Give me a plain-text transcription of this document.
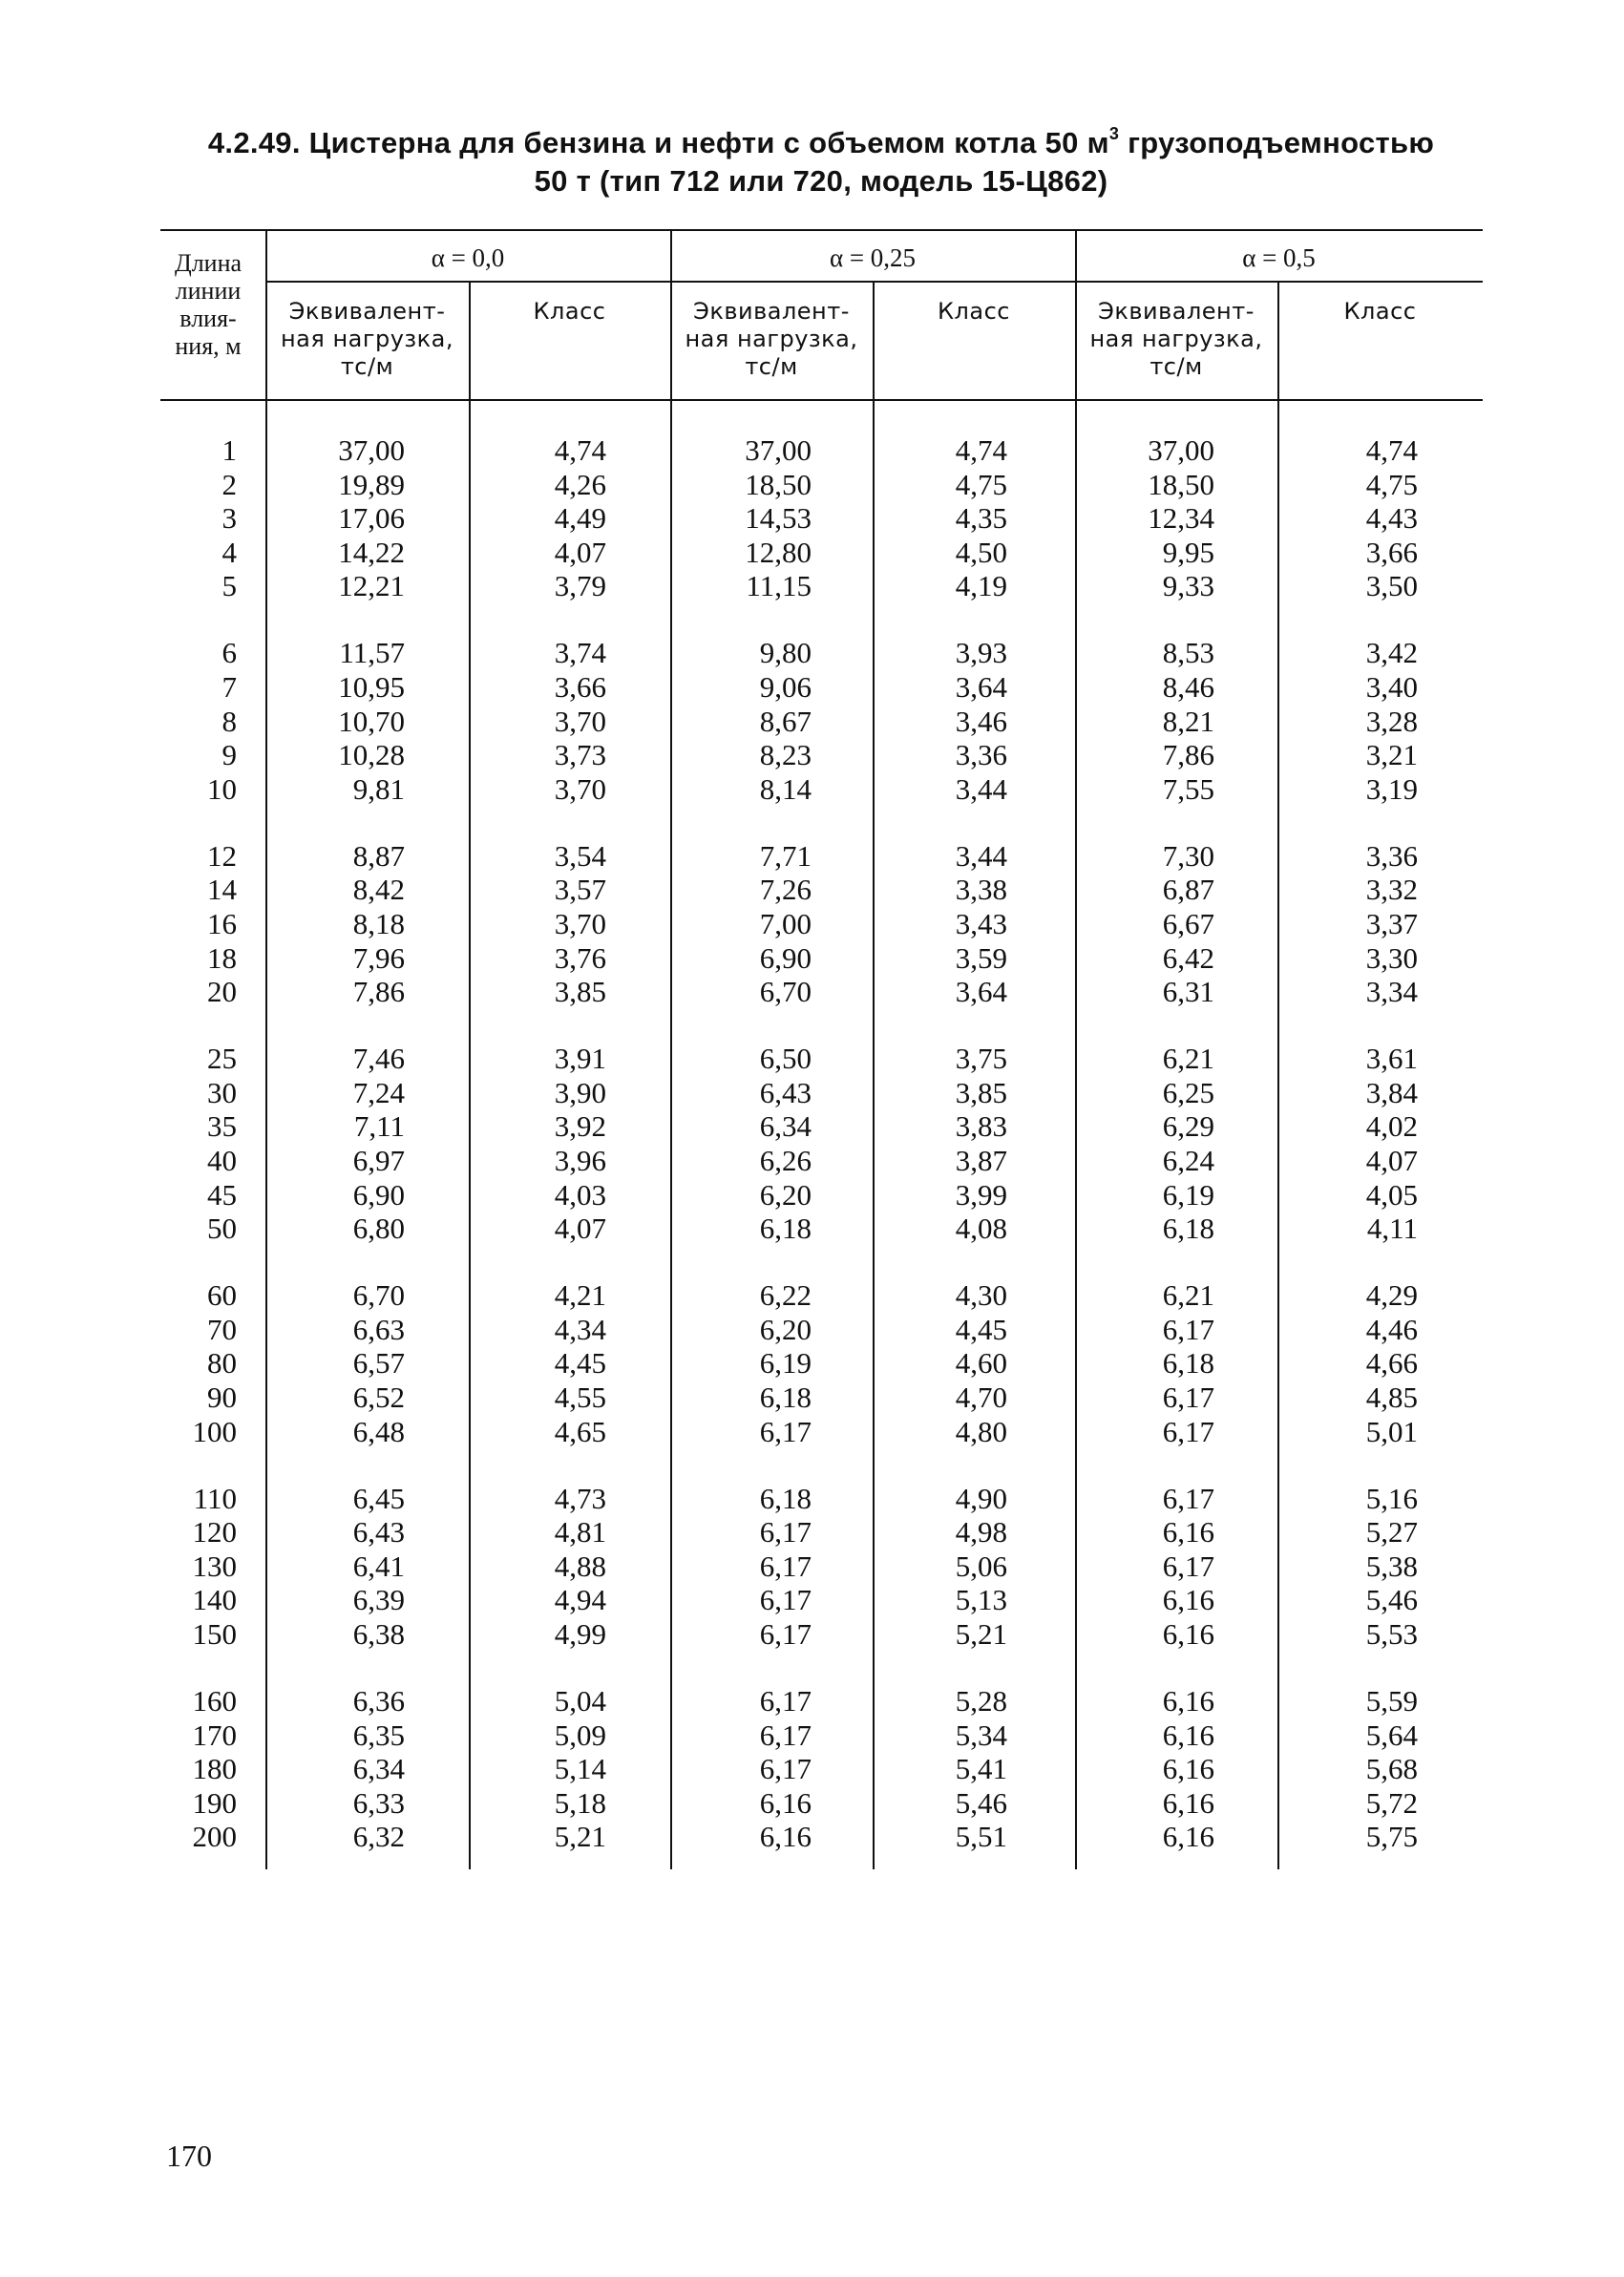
4.2.49. Цистерна для бензина и нефти с объемом котла 50 $м^3$ грузоподъемностью
50 т (тип 712 или 720, модель 15-Ц862)
Длина
линии
влия-
ния, м
α = 0,0	α = 0,25	α = 0,5
Эквивалент-
ная нагрузка,
тс/м
Класс	Эквивалент-
ная нагрузка,
тс/м
Класс	Эквивалент-
ная нагрузка,
тс/м
Класс
1	37,00	4,74	37,00	4,74	37,00	4,74
2	19,89	4,26	18,50	4,75	18,50	4,75
3	17,06	4,49	14,53	4,35	12,34	4,43
4	14,22	4,07	12,80	4,50	9,95	3,66
5	12,21	3,79	11,15	4,19	9,33	3,50
6	11,57	3,74	9,80	3,93	8,53	3,42
7	10,95	3,66	9,06	3,64	8,46	3,40
8	10,70	3,70	8,67	3,46	8,21	3,28
9	10,28	3,73	8,23	3,36	7,86	3,21
10	9,81	3,70	8,14	3,44	7,55	3,19
12	8,87	3,54	7,71	3,44	7,30	3,36
14	8,42	3,57	7,26	3,38	6,87	3,32
16	8,18	3,70	7,00	3,43	6,67	3,37
18	7,96	3,76	6,90	3,59	6,42	3,30
20	7,86	3,85	6,70	3,64	6,31	3,34
25	7,46	3,91	6,50	3,75	6,21	3,61
30	7,24	3,90	6,43	3,85	6,25	3,84
35	7,11	3,92	6,34	3,83	6,29	4,02
40	6,97	3,96	6,26	3,87	6,24	4,07
45	6,90	4,03	6,20	3,99	6,19	4,05
50	6,80	4,07	6,18	4,08	6,18	4,11
60	6,70	4,21	6,22	4,30	6,21	4,29
70	6,63	4,34	6,20	4,45	6,17	4,46
80	6,57	4,45	6,19	4,60	6,18	4,66
90	6,52	4,55	6,18	4,70	6,17	4,85
100	6,48	4,65	6,17	4,80	6,17	5,01
110	6,45	4,73	6,18	4,90	6,17	5,16
120	6,43	4,81	6,17	4,98	6,16	5,27
130	6,41	4,88	6,17	5,06	6,17	5,38
140	6,39	4,94	6,17	5,13	6,16	5,46
150	6,38	4,99	6,17	5,21	6,16	5,53
160	6,36	5,04	6,17	5,28	6,16	5,59
170	6,35	5,09	6,17	5,34	6,16	5,64
180	6,34	5,14	6,17	5,41	6,16	5,68
190	6,33	5,18	6,16	5,46	6,16	5,72
200	6,32	5,21	6,16	5,51	6,16	5,75
170
